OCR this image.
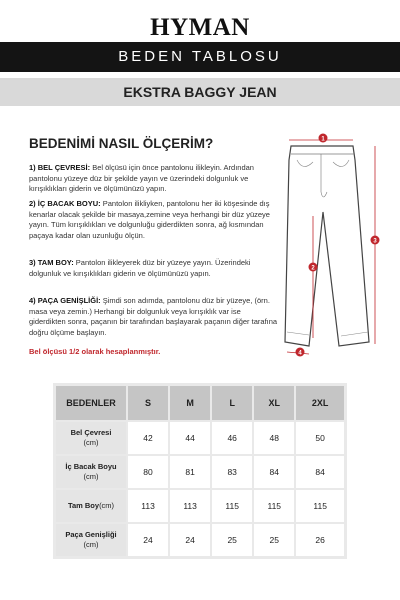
HYMAN
BEDEN TABLOSU
EKSTRA BAGGY JEAN
BEDENİMİ NASIL ÖLÇERİM?
1) BEL ÇEVRESİ: Bel ölçüsü için önce pantolonu ilikleyin. Ardından pantolonu yüzeye düz bir şekilde yayın ve üzerindeki dolgunluk ve kırışıklıkları giderin ve ölçümünüzü yapın.
2) İÇ BACAK BOYU: Pantolon ilikliyken, pantolonu her iki köşesinde dış kenarlar olacak şekilde bir masaya,zemine veya herhangi bir düz yüzeye yayın. Tüm kırışıklıkları ve dolgunluğu giderdikten sonra, ağ kısmından paçaya kadar olan uzunluğu ölçün.
3) TAM BOY: Pantolon ilikleyerek düz bir yüzeye yayın. Üzerindeki dolgunluk ve kırışıklıkları giderin ve ölçümünüzü yapın.
4) PAÇA GENİŞLİĞİ: Şimdi son adımda, pantolonu düz bir yüzeye, (örn. masa veya zemin.) Herhangi bir dolgunluk veya kırışıklık var ise giderdikten sonra, paçanın bir tarafından başlayarak paçanın diğer tarafına doğru ölçüme başlayın.
Bel ölçüsü 1/2 olarak hesaplanmıştır.
1
2
3
4
BEDENLER	S	M	L	XL	2XL
Bel Çevresi
(cm)	42	44	46	48	50
İç Bacak Boyu
(cm)	80	81	83	84	84
Tam Boy(cm)	113	113	115	115	115
Paça Genişliği
(cm)	24	24	25	25	26
